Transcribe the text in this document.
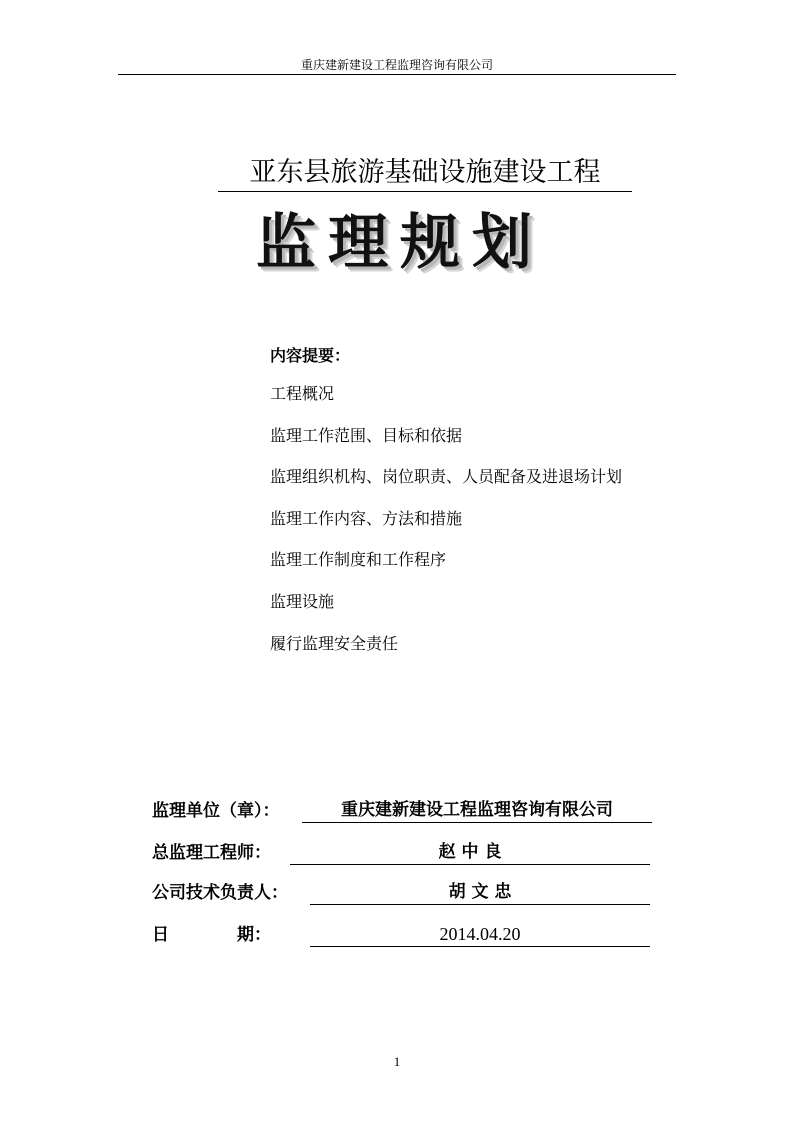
重庆建新建设工程监理咨询有限公司
亚东县旅游基础设施建设工程
监理规划
内容提要：
工程概况
监理工作范围、目标和依据
监理组织机构、岗位职责、人员配备及进退场计划
监理工作内容、方法和措施
监理工作制度和工作程序
监理设施
履行监理安全责任
监理单位（章）：	重庆建新建设工程监理咨询有限公司
总监理工程师：	赵 中 良
公司技术负责人：	胡 文 忠
日　　　　期：	2014.04.20
1
